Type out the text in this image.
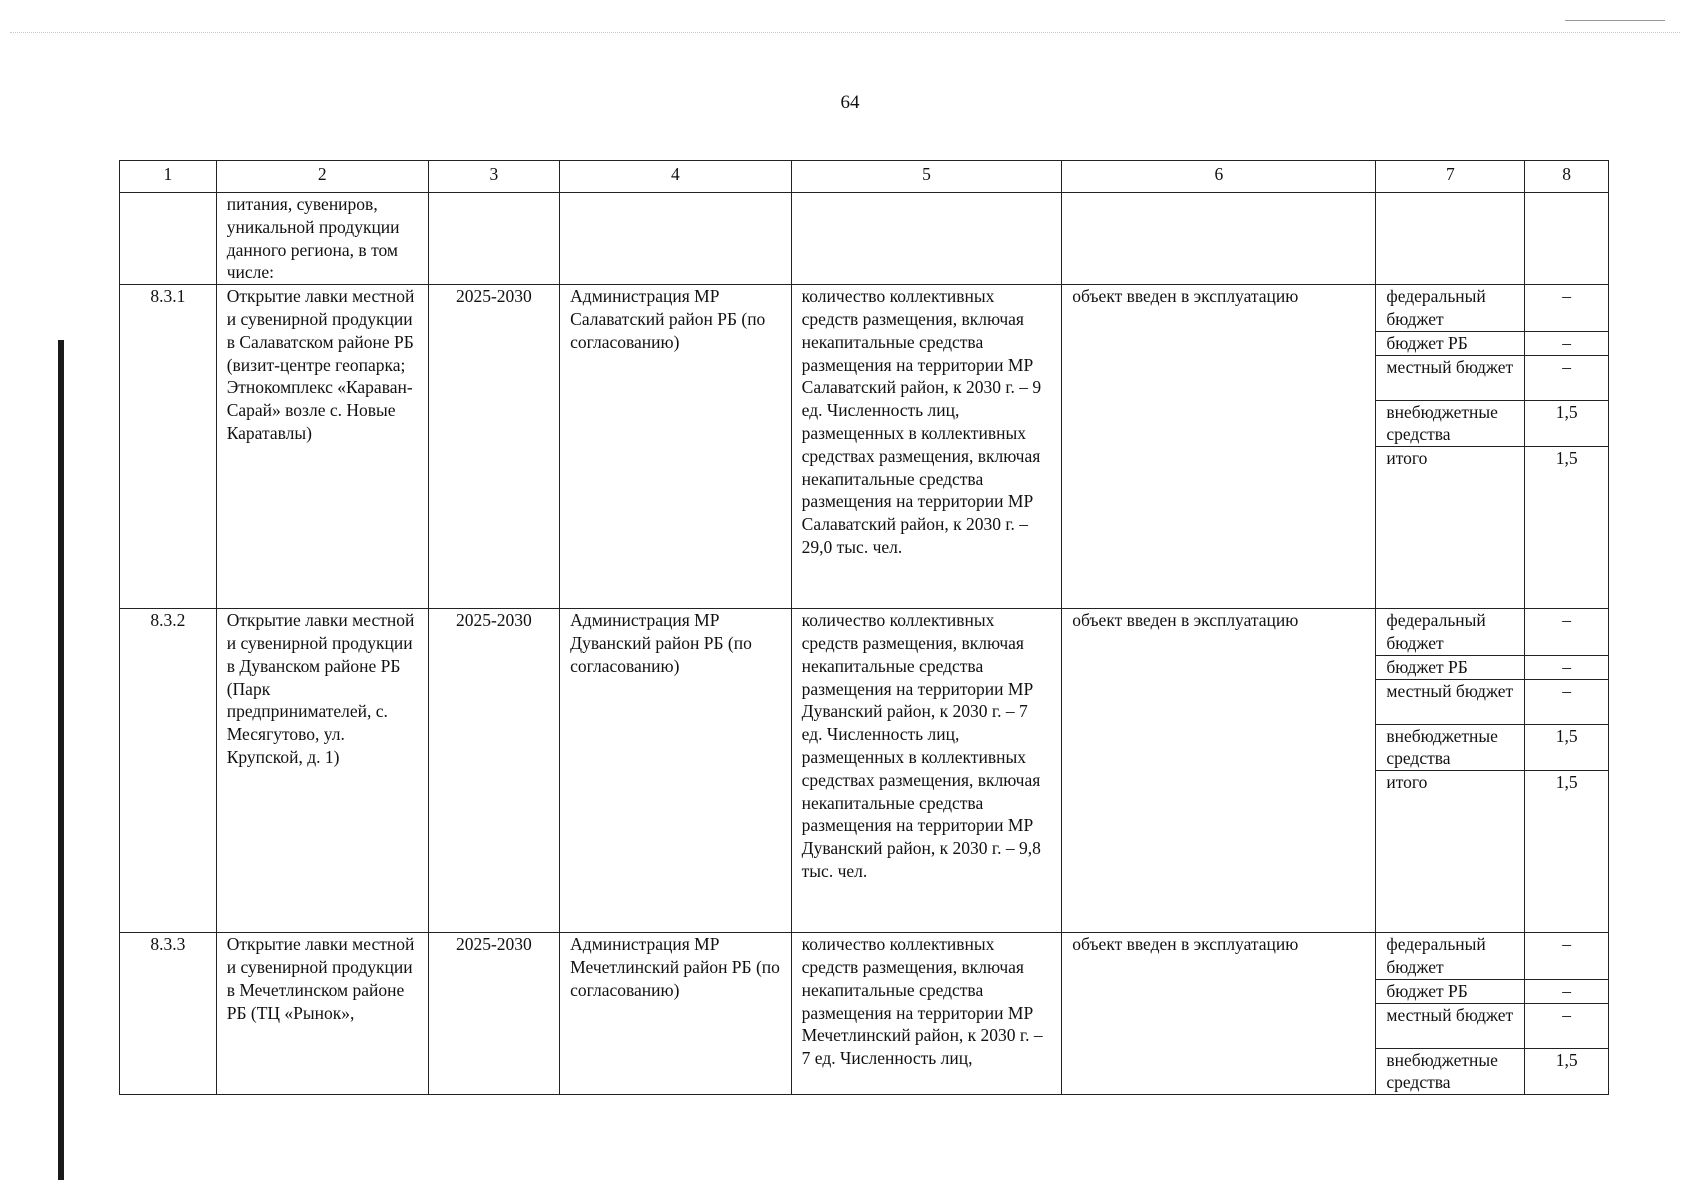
64
1	2	3	4	5	6	7	8
	питания, сувениров, уникальной продукции данного региона, в том числе:						
8.3.1	Открытие лавки местной и сувенирной продукции в Салаватском районе РБ (визит-центре геопарка; Этнокомплекс «Караван-Сарай» возле с. Новые Каратавлы)	2025-2030	Администрация МР Салаватский район РБ (по согласованию)	количество коллективных средств размещения, включая некапитальные средства размещения на территории МР Салаватский район, к 2030 г. – 9 ед. Численность лиц, размещенных в коллективных средствах размещения, включая некапитальные средства размещения на территории МР Салаватский район, к 2030 г. – 29,0 тыс. чел.	объект введен в эксплуатацию	федеральный бюджет	–
						бюджет РБ	–
						местный бюджет	–
						внебюджетные средства	1,5
						итого	1,5
8.3.2	Открытие лавки местной и сувенирной продукции в Дуванском районе РБ (Парк предпринимателей, с. Месягутово, ул. Крупской, д. 1)	2025-2030	Администрация МР Дуванский район РБ (по согласованию)	количество коллективных средств размещения, включая некапитальные средства размещения на территории МР Дуванский район, к 2030 г. – 7 ед. Численность лиц, размещенных в коллективных средствах размещения, включая некапитальные средства размещения на территории МР Дуванский район, к 2030 г. – 9,8 тыс. чел.	объект введен в эксплуатацию	федеральный бюджет	–
						бюджет РБ	–
						местный бюджет	–
						внебюджетные средства	1,5
						итого	1,5
8.3.3	Открытие лавки местной и сувенирной продукции в Мечетлинском районе РБ (ТЦ «Рынок»,	2025-2030	Администрация МР Мечетлинский район РБ (по согласованию)	количество коллективных средств размещения, включая некапитальные средства размещения на территории МР Мечетлинский район, к 2030 г. – 7 ед. Численность лиц,	объект введен в эксплуатацию	федеральный бюджет	–
						бюджет РБ	–
						местный бюджет	–
						внебюджетные средства	1,5
